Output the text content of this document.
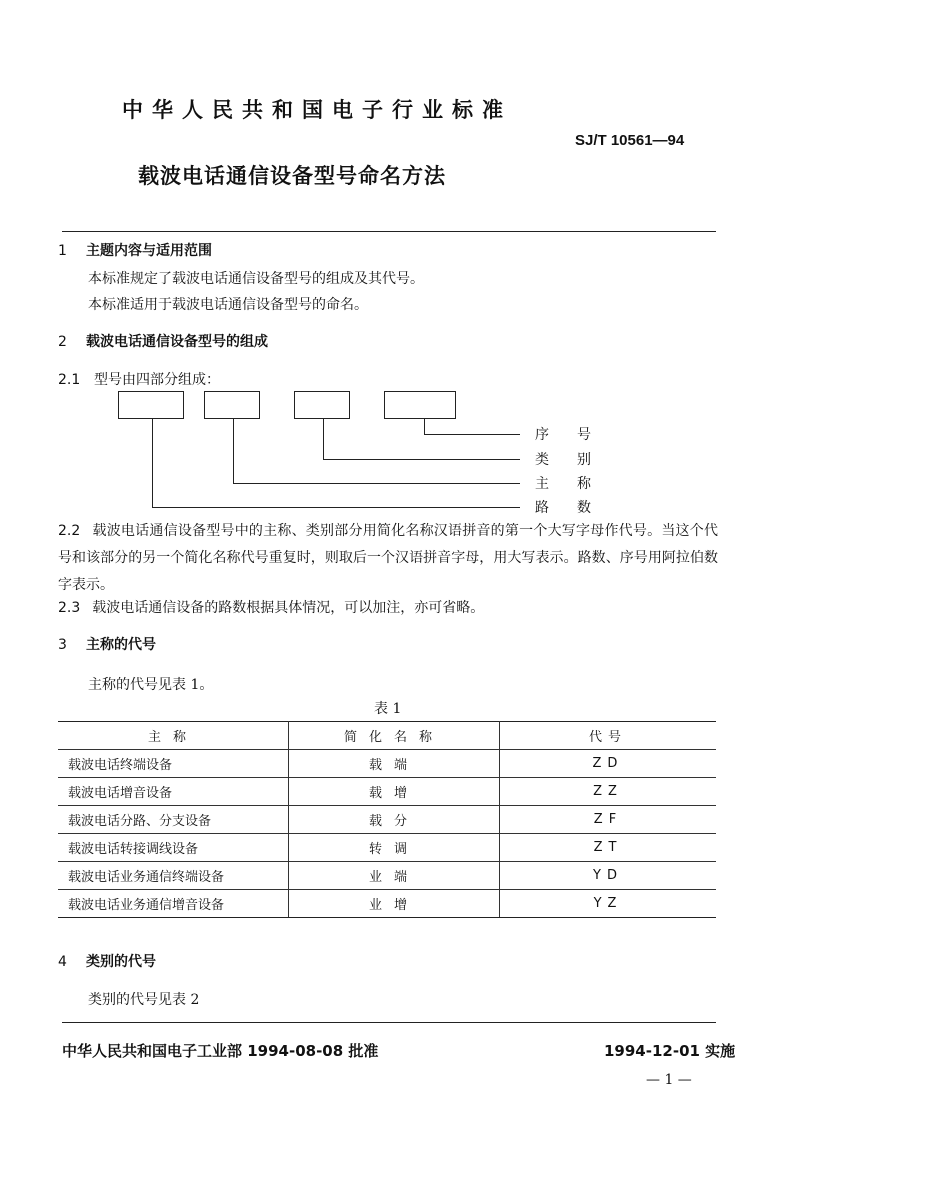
中华人民共和国电子行业标准
SJ/T 10561—94
载波电话通信设备型号命名方法
1 主题内容与适用范围
本标准规定了载波电话通信设备型号的组成及其代号。
本标准适用于载波电话通信设备型号的命名。
2 载波电话通信设备型号的组成
2.1 型号由四部分组成：
序号
类别
主称
路数
2.2 载波电话通信设备型号中的主称、类别部分用简化名称汉语拼音的第一个大写字母作代号。当这个代号和该部分的另一个简化名称代号重复时，则取后一个汉语拼音字母，用大写表示。路数、序号用阿拉伯数字表示。
2.3 载波电话通信设备的路数根据具体情况，可以加注，亦可省略。
3 主称的代号
主称的代号见表 1。
表 1
主称	简化名称	代号
载波电话终端设备	载端	ZD
载波电话增音设备	载增	ZZ
载波电话分路、分支设备	载分	ZF
载波电话转接调线设备	转调	ZT
载波电话业务通信终端设备	业端	YD
载波电话业务通信增音设备	业增	YZ
4 类别的代号
类别的代号见表 2
中华人民共和国电子工业部 1994-08-08 批准	1994-12-01 实施
— 1 —
